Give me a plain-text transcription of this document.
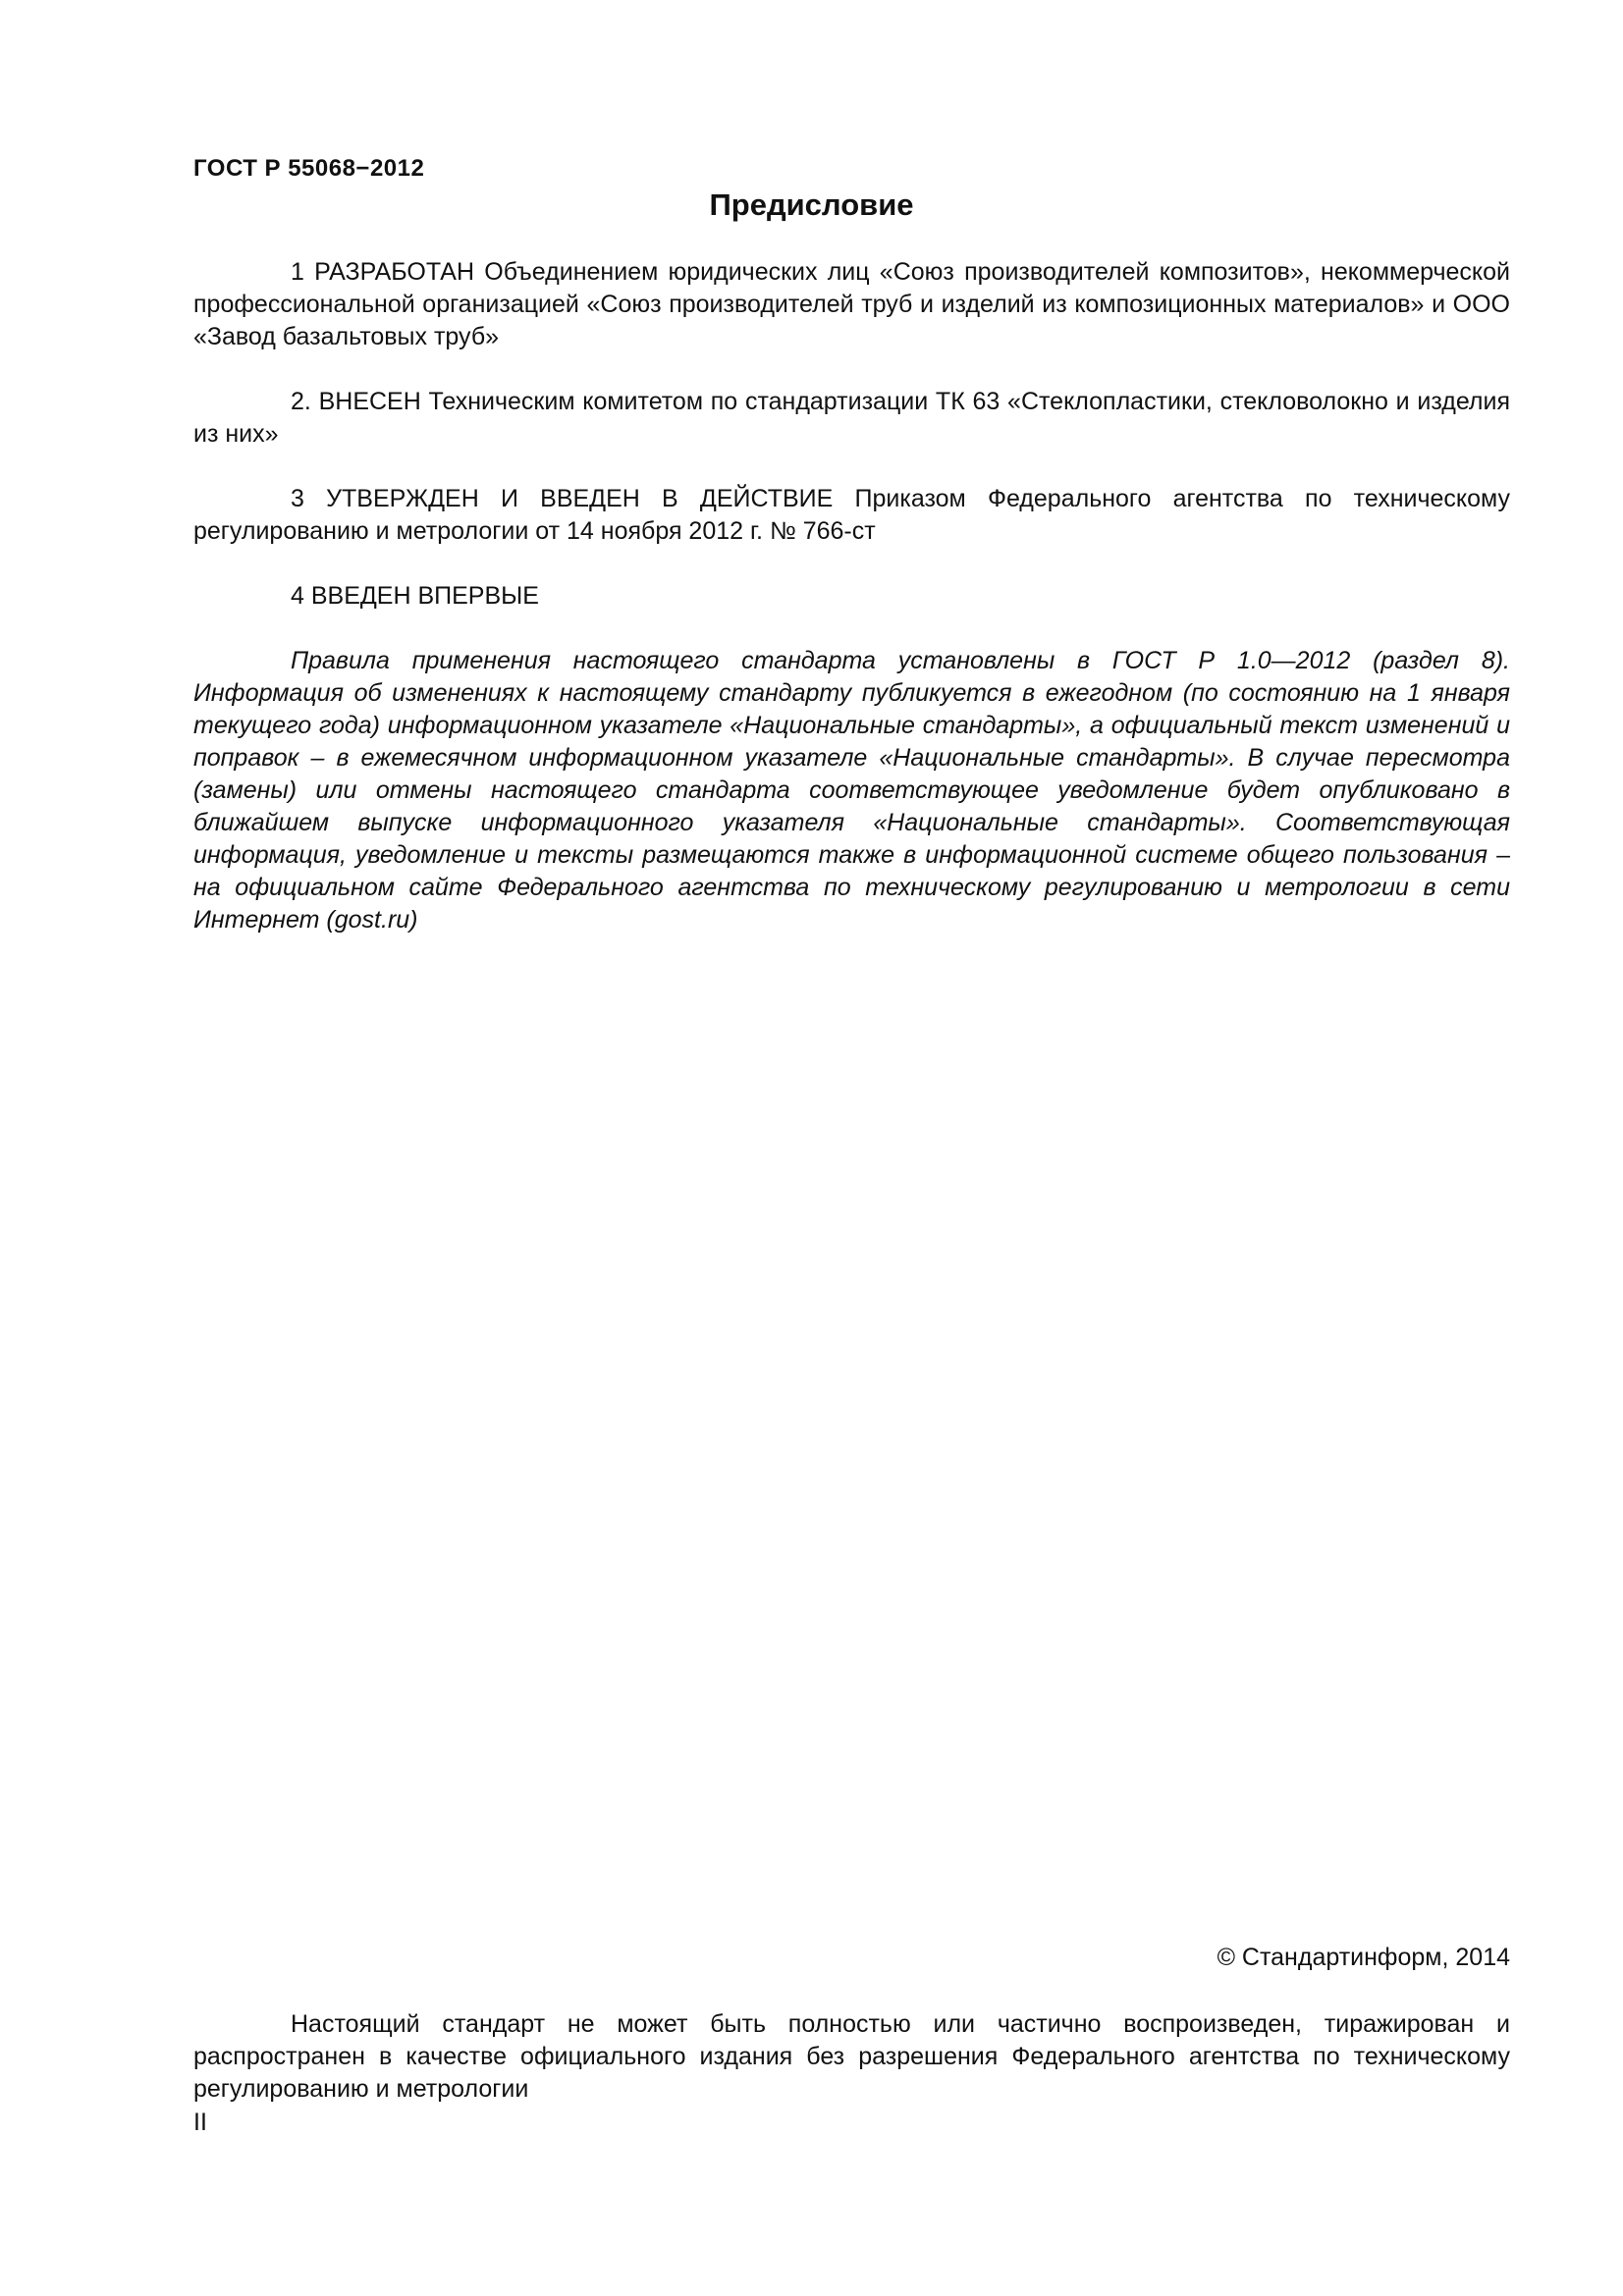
ГОСТ Р 55068−2012
Предисловие

1 РАЗРАБОТАН Объединением юридических лиц «Союз производителей композитов», некоммерческой профессиональной организацией «Союз производителей труб и изделий из композиционных материалов» и ООО «Завод базальтовых труб»

2. ВНЕСЕН Техническим комитетом по стандартизации ТК 63 «Стеклопластики, стекловолокно и изделия из них»

3 УТВЕРЖДЕН И ВВЕДЕН В ДЕЙСТВИЕ Приказом Федерального агентства по техническому регулированию и метрологии от 14 ноября 2012 г. № 766-ст

4 ВВЕДЕН ВПЕРВЫЕ

Правила применения настоящего стандарта установлены в ГОСТ Р 1.0—2012 (раздел 8). Информация об изменениях к настоящему стандарту публикуется в ежегодном (по состоянию на 1 января текущего года) информационном указателе «Национальные стандарты», а официальный текст изменений и поправок – в ежемесячном информационном указателе «Национальные стандарты». В случае пересмотра (замены) или отмены настоящего стандарта соответствующее уведомление будет опубликовано в ближайшем выпуске информационного указателя «Национальные стандарты». Соответствующая информация, уведомление и тексты размещаются также в информационной системе общего пользования – на официальном сайте Федерального агентства по техническому регулированию и метрологии в сети Интернет (gost.ru)

© Стандартинформ, 2014

Настоящий стандарт не может быть полностью или частично воспроизведен, тиражирован и распространен в качестве официального издания без разрешения Федерального агентства по техническому регулированию и метрологии

II
